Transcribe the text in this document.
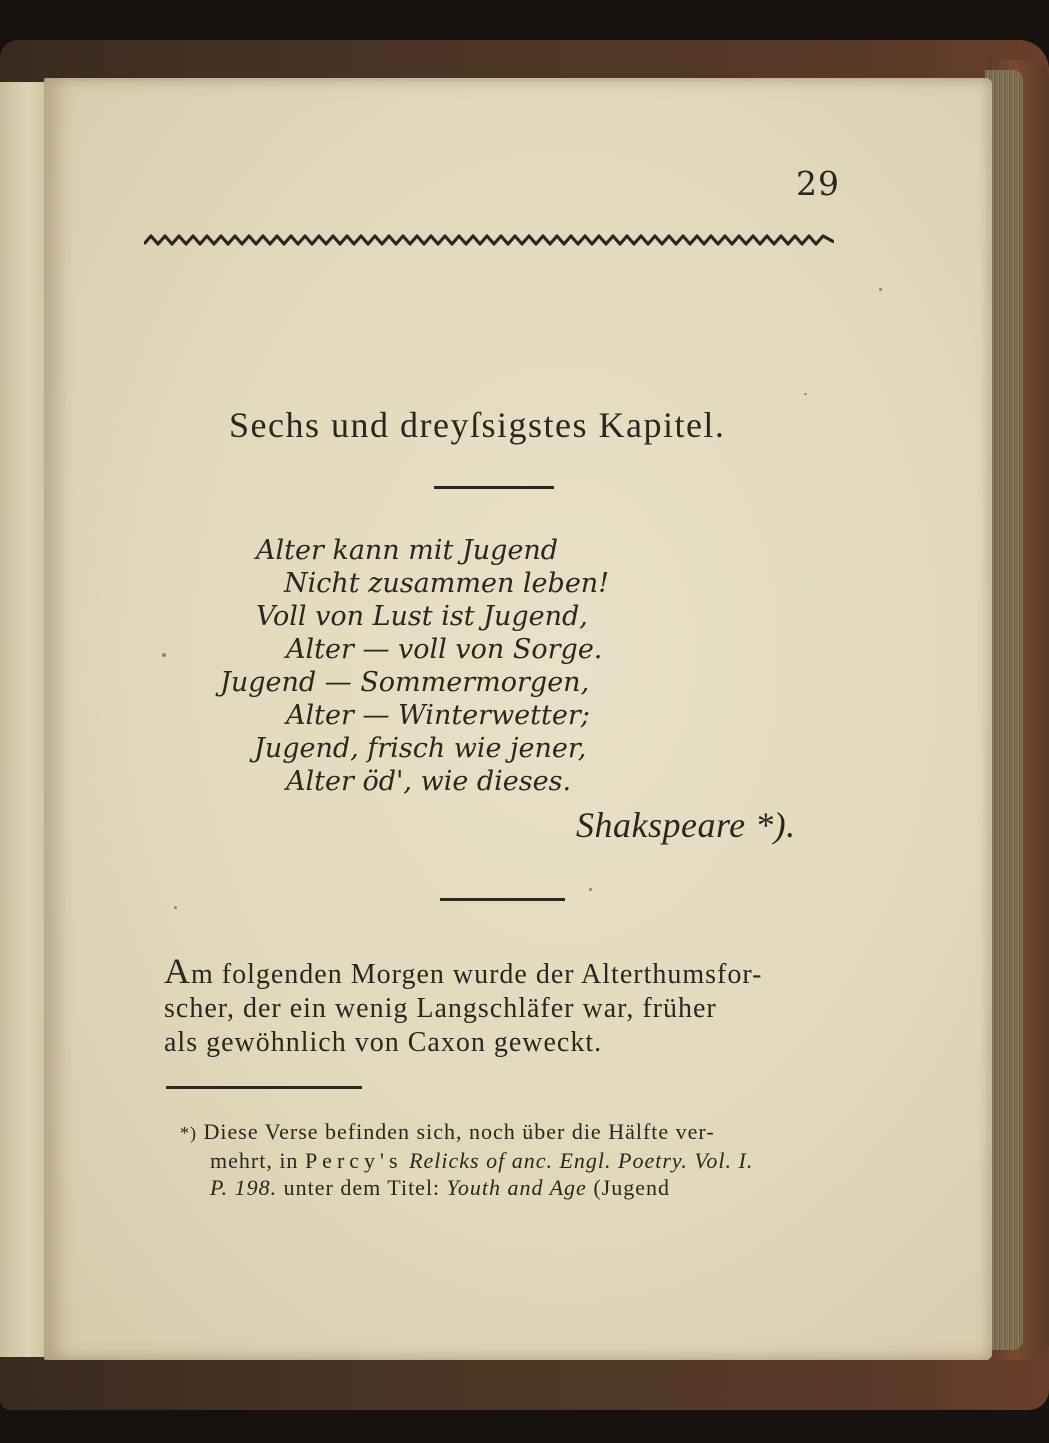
29
Sechs und dreyſsigstes Kapitel.
Alter kann mit Jugend
Nicht zusammen leben!
Voll von Lust ist Jugend,
Alter — voll von Sorge.
Jugend — Sommermorgen,
Alter — Winterwetter;
Jugend, frisch wie jener,
Alter öd', wie dieses.
Shakspeare *).
Am folgenden Morgen wurde der Alterthumsfor-
scher, der ein wenig Langschläfer war, früher
als gewöhnlich von Caxon geweckt.
*) Diese Verse befinden sich, noch über die Hälfte ver-
mehrt, in Percy's Relicks of anc. Engl. Poetry. Vol. I.
P. 198. unter dem Titel: Youth and Age (Jugend
